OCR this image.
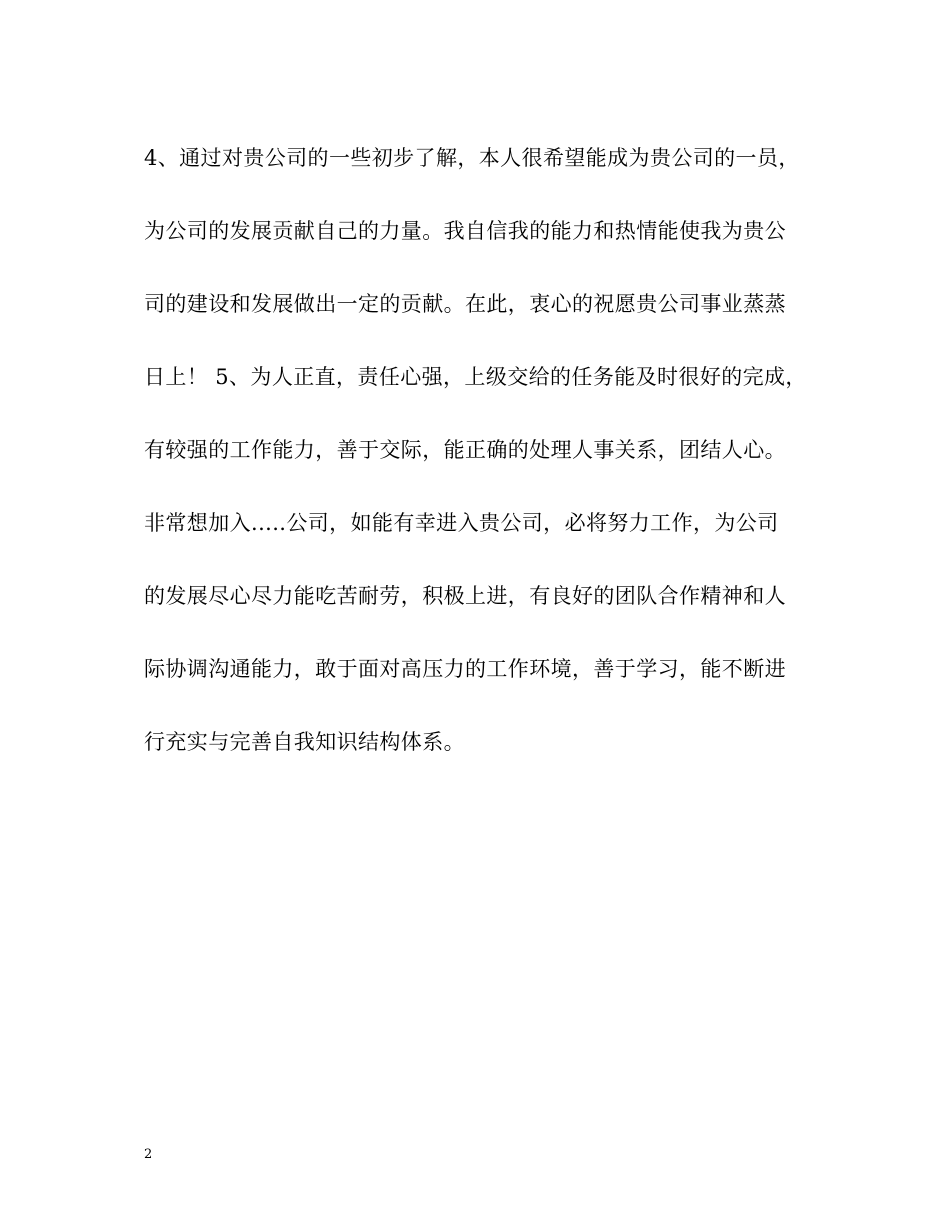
4、通过对贵公司的一些初步了解，本人很希望能成为贵公司的一员，
为公司的发展贡献自己的力量。我自信我的能力和热情能使我为贵公
司的建设和发展做出一定的贡献。在此，衷心的祝愿贵公司事业蒸蒸
日上！ 5、为人正直，责任心强，上级交给的任务能及时很好的完成，
有较强的工作能力，善于交际，能正确的处理人事关系，团结人心。
非常想加入.....公司，如能有幸进入贵公司，必将努力工作，为公司
的发展尽心尽力能吃苦耐劳，积极上进，有良好的团队合作精神和人
际协调沟通能力，敢于面对高压力的工作环境，善于学习，能不断进
行充实与完善自我知识结构体系。
2
